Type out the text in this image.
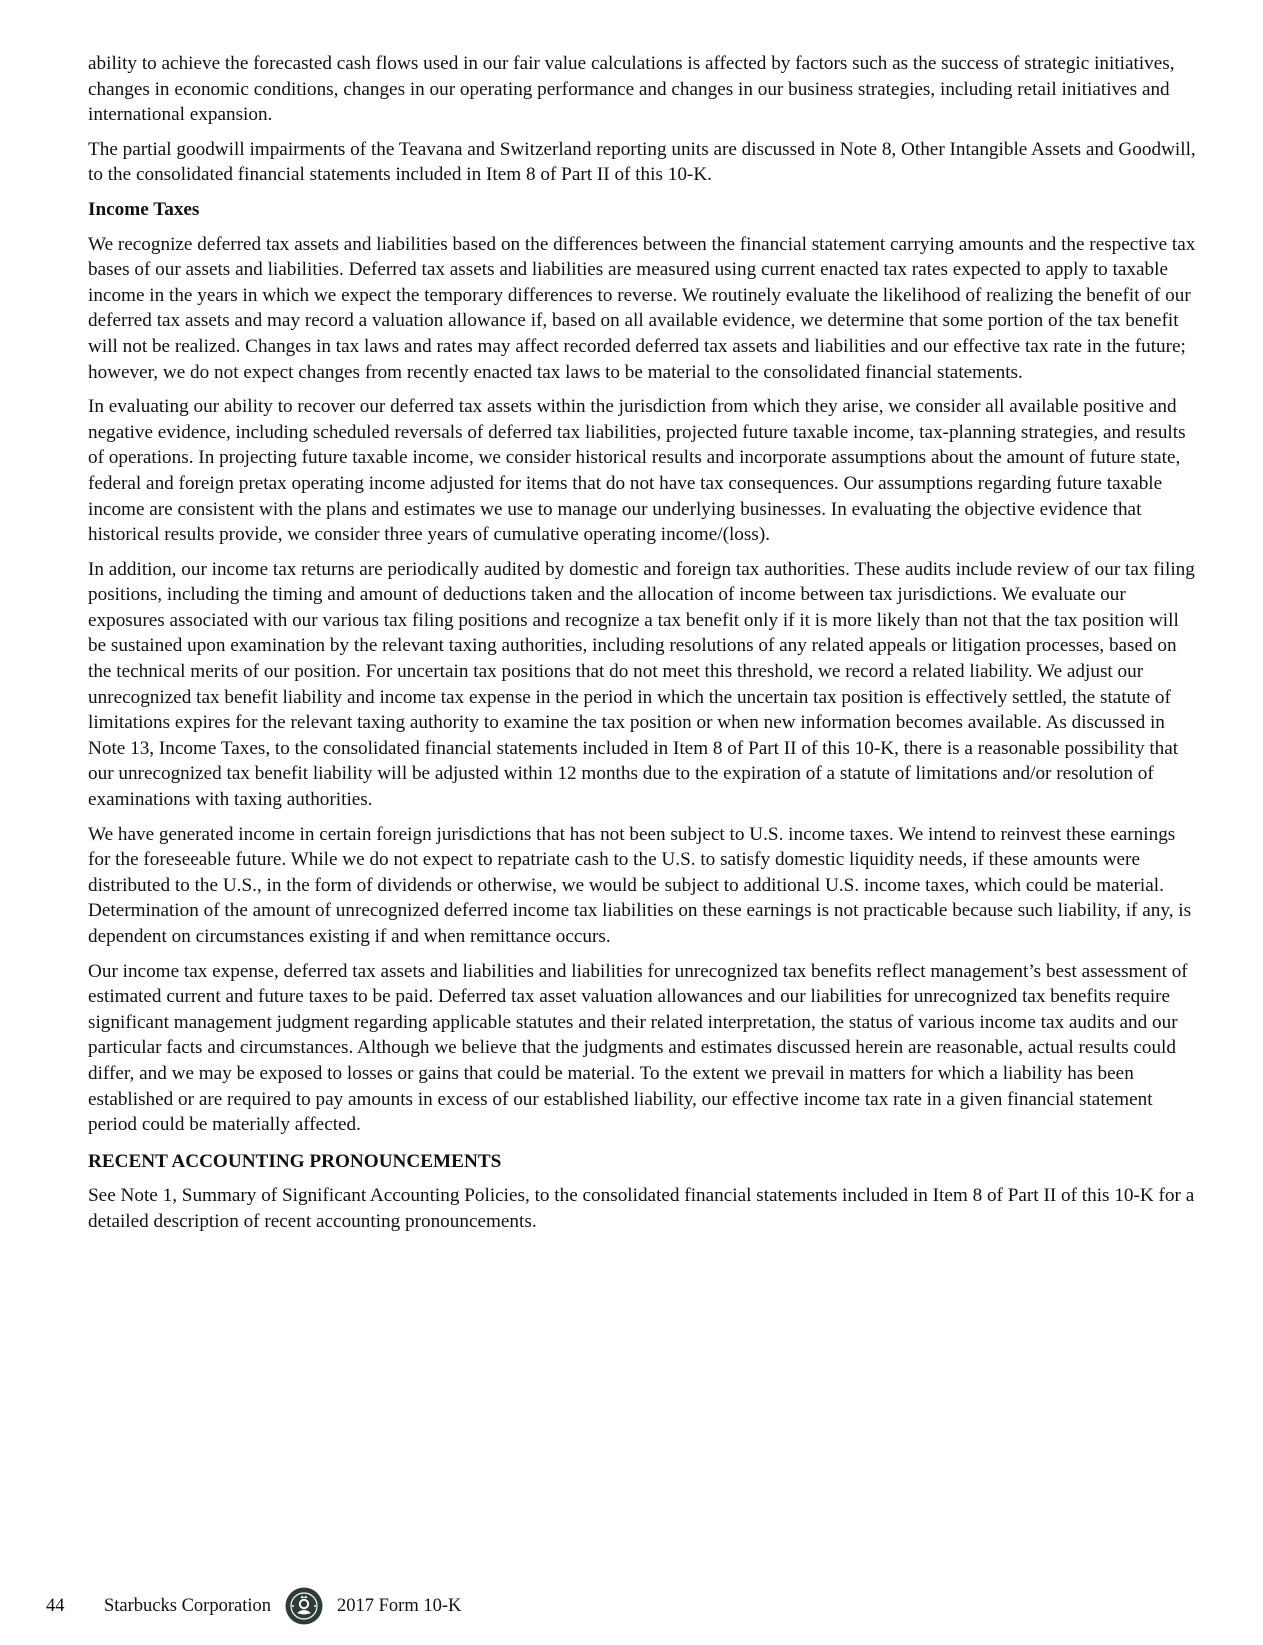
ability to achieve the forecasted cash flows used in our fair value calculations is affected by factors such as the success of strategic initiatives, changes in economic conditions, changes in our operating performance and changes in our business strategies, including retail initiatives and international expansion.

The partial goodwill impairments of the Teavana and Switzerland reporting units are discussed in Note 8, Other Intangible Assets and Goodwill, to the consolidated financial statements included in Item 8 of Part II of this 10-K.

Income Taxes

We recognize deferred tax assets and liabilities based on the differences between the financial statement carrying amounts and the respective tax bases of our assets and liabilities. Deferred tax assets and liabilities are measured using current enacted tax rates expected to apply to taxable income in the years in which we expect the temporary differences to reverse. We routinely evaluate the likelihood of realizing the benefit of our deferred tax assets and may record a valuation allowance if, based on all available evidence, we determine that some portion of the tax benefit will not be realized. Changes in tax laws and rates may affect recorded deferred tax assets and liabilities and our effective tax rate in the future; however, we do not expect changes from recently enacted tax laws to be material to the consolidated financial statements.

In evaluating our ability to recover our deferred tax assets within the jurisdiction from which they arise, we consider all available positive and negative evidence, including scheduled reversals of deferred tax liabilities, projected future taxable income, tax-planning strategies, and results of operations. In projecting future taxable income, we consider historical results and incorporate assumptions about the amount of future state, federal and foreign pretax operating income adjusted for items that do not have tax consequences. Our assumptions regarding future taxable income are consistent with the plans and estimates we use to manage our underlying businesses. In evaluating the objective evidence that historical results provide, we consider three years of cumulative operating income/(loss).

In addition, our income tax returns are periodically audited by domestic and foreign tax authorities. These audits include review of our tax filing positions, including the timing and amount of deductions taken and the allocation of income between tax jurisdictions. We evaluate our exposures associated with our various tax filing positions and recognize a tax benefit only if it is more likely than not that the tax position will be sustained upon examination by the relevant taxing authorities, including resolutions of any related appeals or litigation processes, based on the technical merits of our position. For uncertain tax positions that do not meet this threshold, we record a related liability. We adjust our unrecognized tax benefit liability and income tax expense in the period in which the uncertain tax position is effectively settled, the statute of limitations expires for the relevant taxing authority to examine the tax position or when new information becomes available. As discussed in Note 13, Income Taxes, to the consolidated financial statements included in Item 8 of Part II of this 10-K, there is a reasonable possibility that our unrecognized tax benefit liability will be adjusted within 12 months due to the expiration of a statute of limitations and/or resolution of examinations with taxing authorities.

We have generated income in certain foreign jurisdictions that has not been subject to U.S. income taxes. We intend to reinvest these earnings for the foreseeable future. While we do not expect to repatriate cash to the U.S. to satisfy domestic liquidity needs, if these amounts were distributed to the U.S., in the form of dividends or otherwise, we would be subject to additional U.S. income taxes, which could be material. Determination of the amount of unrecognized deferred income tax liabilities on these earnings is not practicable because such liability, if any, is dependent on circumstances existing if and when remittance occurs.

Our income tax expense, deferred tax assets and liabilities and liabilities for unrecognized tax benefits reflect management’s best assessment of estimated current and future taxes to be paid. Deferred tax asset valuation allowances and our liabilities for unrecognized tax benefits require significant management judgment regarding applicable statutes and their related interpretation, the status of various income tax audits and our particular facts and circumstances. Although we believe that the judgments and estimates discussed herein are reasonable, actual results could differ, and we may be exposed to losses or gains that could be material. To the extent we prevail in matters for which a liability has been established or are required to pay amounts in excess of our established liability, our effective income tax rate in a given financial statement period could be materially affected.

RECENT ACCOUNTING PRONOUNCEMENTS

See Note 1, Summary of Significant Accounting Policies, to the consolidated financial statements included in Item 8 of Part II of this 10-K for a detailed description of recent accounting pronouncements.

44	Starbucks Corporation	2017 Form 10-K
